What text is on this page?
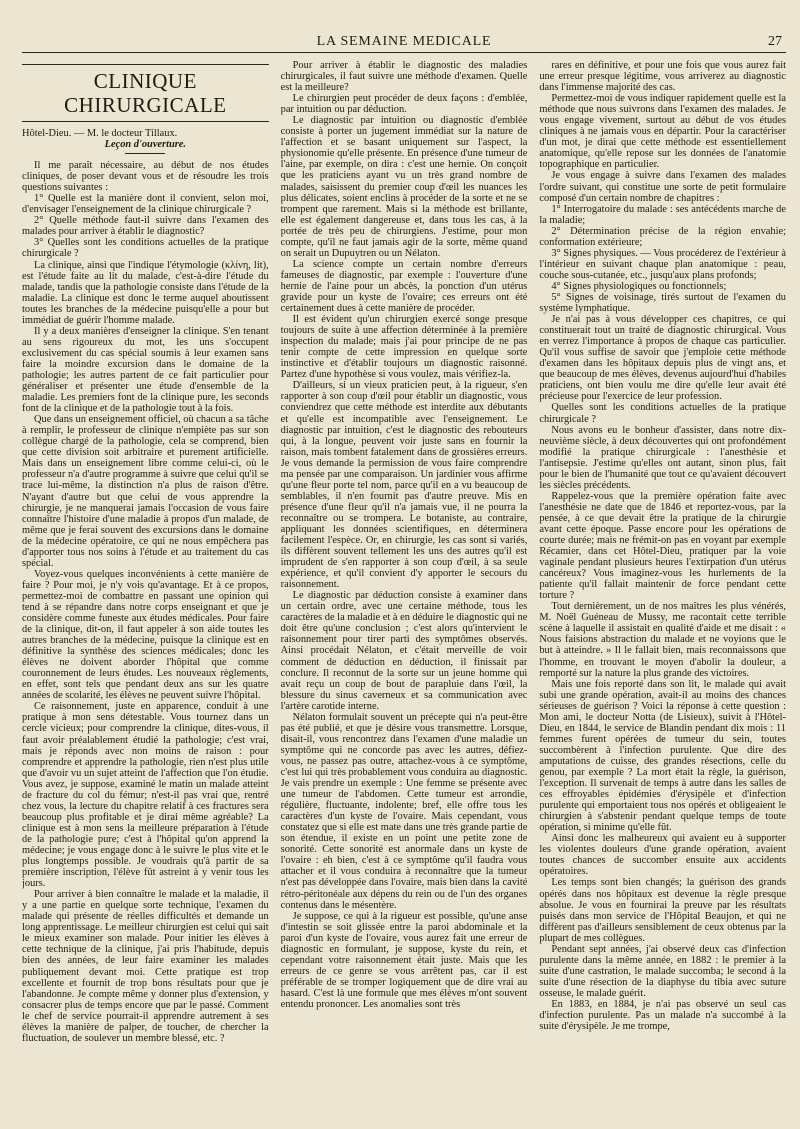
LA SEMAINE MEDICALE	27
CLINIQUE CHIRURGICALE

Hôtel-Dieu. — M. le docteur Tillaux.

Leçon d'ouverture.

Il me paraît nécessaire, au début de nos études cliniques, de poser devant vous et de résoudre les trois questions suivantes :

1° Quelle est la manière dont il convient, selon moi, d'envisager l'enseignement de la clinique chirurgicale ?

2° Quelle méthode faut-il suivre dans l'examen des malades pour arriver à établir le diagnostic?

3° Quelles sont les conditions actuelles de la pratique chirurgicale ?

La clinique, ainsi que l'indique l'étymologie (κλίνη, lit), est l'étude faite au lit du malade, c'est-à-dire l'étude du malade, tandis que la pathologie consiste dans l'étude de la maladie. La clinique est donc le terme auquel aboutissent toutes les branches de la médecine puisqu'elle a pour but immédiat de guérir l'homme malade.

Il y a deux manières d'enseigner la clinique. S'en tenant au sens rigoureux du mot, les uns s'occupent exclusivement du cas spécial soumis à leur examen sans faire la moindre excursion dans le domaine de la pathologie; les autres partent de ce fait particulier pour généraliser et présenter une étude d'ensemble de la maladie. Les premiers font de la clinique pure, les seconds font de la clinique et de la pathologie tout à la fois.

Que dans un enseignement officiel, où chacun a sa tâche à remplir, le professeur de clinique n'empiète pas sur son collègue chargé de la pathologie, cela se comprend, bien que cette division soit arbitraire et purement artificielle. Mais dans un enseignement libre comme celui-ci, où le professeur n'a d'autre programme à suivre que celui qu'il se trace lui-même, la distinction n'a plus de raison d'être. N'ayant d'autre but que celui de vous apprendre la chirurgie, je ne manquerai jamais l'occasion de vous faire connaître l'histoire d'une maladie à propos d'un malade, de même que je ferai souvent des excursions dans le domaine de la médecine opératoire, ce qui ne nous empêchera pas d'apporter tous nos soins à l'étude et au traitement du cas spécial.

Voyez-vous quelques inconvénients à cette manière de faire ? Pour moi, je n'y vois qu'avantage. Et à ce propos, permettez-moi de combattre en passant une opinion qui tend à se répandre dans notre corps enseignant et que je considère comme funeste aux études médicales. Pour faire de la clinique, dit-on, il faut appeler à son aide toutes les autres branches de la médecine, puisque la clinique est en définitive la synthèse des sciences médicales; donc les élèves ne doivent aborder l'hôpital que comme couronnement de leurs études. Les nouveaux règlements, en effet, sont tels que pendant deux ans sur les quatre années de scolarité, les élèves ne peuvent suivre l'hôpital.

Ce raisonnement, juste en apparence, conduit à une pratique à mon sens détestable. Vous tournez dans un cercle vicieux; pour comprendre la clinique, dites-vous, il faut avoir préalablement étudié la pathologie; c'est vrai, mais je réponds avec non moins de raison : pour comprendre et apprendre la pathologie, rien n'est plus utile que d'avoir vu un sujet atteint de l'affection que l'on étudie. Vous avez, je suppose, examiné le matin un malade atteint de fracture du col du fémur; n'est-il pas vrai que, rentré chez vous, la lecture du chapitre relatif à ces fractures sera beaucoup plus profitable et je dirai même agréable? La clinique est à mon sens la meilleure préparation à l'étude de la pathologie pure; c'est à l'hôpital qu'on apprend la médecine; je vous engage donc à le suivre le plus vite et le plus longtemps possible. Je voudrais qu'à partir de sa première inscription, l'élève fût astreint à y venir tous les jours.

Pour arriver à bien connaître le malade et la maladie, il y a une partie en quelque sorte technique, l'examen du malade qui présente de réelles difficultés et demande un long apprentissage. Le meilleur chirurgien est celui qui sait le mieux examiner son malade. Pour initier les élèves à cette technique de la clinique, j'ai pris l'habitude, depuis bien des années, de leur faire examiner les malades publiquement devant moi. Cette pratique est trop excellente et fournit de trop bons résultats pour que je l'abandonne. Je compte même y donner plus d'extension, y consacrer plus de temps encore que par le passé. Comment le chef de service pourrait-il apprendre autrement à ses élèves la manière de palper, de toucher, de chercher la fluctuation, de soulever un membre blessé, etc. ?

Pour arriver à établir le diagnostic des maladies chirurgicales, il faut suivre une méthode d'examen. Quelle est la meilleure?

Le chirurgien peut procéder de deux façons : d'emblée, par intuition ou par déduction.

Le diagnostic par intuition ou diagnostic d'emblée consiste à porter un jugement immédiat sur la nature de l'affection et se basant uniquement sur l'aspect, la physionomie qu'elle présente. En présence d'une tumeur de l'aine, par exemple, on dira : c'est une hernie. On conçoit que les praticiens ayant vu un très grand nombre de malades, saisissent du premier coup d'œil les nuances les plus délicates, soient enclins à procéder de la sorte et ne se trompent que rarement. Mais si la méthode est brillante, elle est également dangereuse et, dans tous les cas, à la portée de très peu de chirurgiens. J'estime, pour mon compte, qu'il ne faut jamais agir de la sorte, même quand on serait un Dupuytren ou un Nélaton.

La science compte un certain nombre d'erreurs fameuses de diagnostic, par exemple : l'ouverture d'une hernie de l'aine pour un abcès, la ponction d'un utérus gravide pour un kyste de l'ovaire; ces erreurs ont été certainement dues à cette manière de procéder.

Il est évident qu'un chirurgien exercé songe presque toujours de suite à une affection déterminée à la première inspection du malade; mais j'ai pour principe de ne pas tenir compte de cette impression en quelque sorte instinctive et d'établir toujours un diagnostic raisonné. Partez d'une hypothèse si vous voulez, mais vérifiez-la.

D'ailleurs, si un vieux praticien peut, à la rigueur, s'en rapporter à son coup d'œil pour établir un diagnostic, vous conviendrez que cette méthode est interdite aux débutants et qu'elle est incompatible avec l'enseignement. Le diagnostic par intuition, c'est le diagnostic des rebouteurs qui, à la longue, peuvent voir juste sans en fournir la raison, mais tombent fatalement dans de grossières erreurs. Je vous demande la permission de vous faire comprendre ma pensée par une comparaison. Un jardinier vous affirme qu'une fleur porte tel nom, parce qu'il en a vu beaucoup de semblables, il n'en fournit pas d'autre preuve. Mis en présence d'une fleur qu'il n'a jamais vue, il ne pourra la reconnaître ou se trompera. Le botaniste, au contraire, appliquant les données scientifiques, en déterminera facilement l'espèce. Or, en chirurgie, les cas sont si variés, ils diffèrent souvent tellement les uns des autres qu'il est imprudent de s'en rapporter à son coup d'œil, à sa seule expérience, et qu'il convient d'y apporter le secours du raisonnement.

Le diagnostic par déduction consiste à examiner dans un certain ordre, avec une certaine méthode, tous les caractères de la maladie et à en déduire le diagnostic qui ne doit être qu'une conclusion ; c'est alors qu'intervient le raisonnement pour tirer parti des symptômes observés. Ainsi procédait Nélaton, et c'était merveille de voir comment de déduction en déduction, il finissait par conclure. Il reconnut de la sorte sur un jeune homme qui avait reçu un coup de bout de parapluie dans l'œil, la blessure du sinus caverneux et sa communication avec l'artère carotide interne.

Nélaton formulait souvent un précepte qui n'a peut-être pas été publié, et que je désire vous transmettre. Lorsque, disait-il, vous rencontrez dans l'examen d'une maladie un symptôme qui ne concorde pas avec les autres, défiez-vous, ne passez pas outre, attachez-vous à ce symptôme, c'est lui qui très probablement vous conduira au diagnostic. Je vais prendre un exemple : Une femme se présente avec une tumeur de l'abdomen. Cette tumeur est arrondie, régulière, fluctuante, indolente; bref, elle offre tous les caractères d'un kyste de l'ovaire. Mais cependant, vous constatez que si elle est mate dans une très grande partie de son étendue, il existe en un point une petite zone de sonorité. Cette sonorité est anormale dans un kyste de l'ovaire : eh bien, c'est à ce symptôme qu'il faudra vous attacher et il vous conduira à reconnaître que la tumeur n'est pas développée dans l'ovaire, mais bien dans la cavité rétro-péritonéale aux dépens du rein ou de l'un des organes contenus dans le mésentère.

Je suppose, ce qui à la rigueur est possible, qu'une anse d'intestin se soit glissée entre la paroi abdominale et la paroi d'un kyste de l'ovaire, vous aurez fait une erreur de diagnostic en formulant, je suppose, kyste du rein, et cependant votre raisonnement était juste. Mais que les erreurs de ce genre se vous arrêtent pas, car il est préférable de se tromper logiquement que de dire vrai au hasard. C'est là une formule que mes élèves m'ont souvent entendu prononcer. Les anomalies sont très

rares en définitive, et pour une fois que vous aurez fait une erreur presque légitime, vous arriverez au diagnostic dans l'immense majorité des cas.

Permettez-moi de vous indiquer rapidement quelle est la méthode que nous suivrons dans l'examen des malades. Je vous engage vivement, surtout au début de vos études cliniques à ne jamais vous en départir. Pour la caractériser d'un mot, je dirai que cette méthode est essentiellement anatomique, qu'elle repose sur les données de l'anatomie topographique en particulier.

Je vous engage à suivre dans l'examen des malades l'ordre suivant, qui constitue une sorte de petit formulaire composé d'un certain nombre de chapitres :

1° Interrogatoire du malade : ses antécédents marche de la maladie;

2° Détermination précise de la région envahie; conformation extérieure;

3° Signes physiques. — Vous procéderez de l'extérieur à l'intérieur en suivant chaque plan anatomique : peau, couche sous-cutanée, etc., jusqu'aux plans profonds;

4° Signes physiologiques ou fonctionnels;

5° Signes de voisinage, tirés surtout de l'examen du système lymphatique.

Je n'ai pas à vous développer ces chapitres, ce qui constituerait tout un traité de diagnostic chirurgical. Vous en verrez l'importance à propos de chaque cas particulier. Qu'il vous suffise de savoir que j'emploie cette méthode d'examen dans les hôpitaux depuis plus de vingt ans, et que beaucoup de mes élèves, devenus aujourd'hui d'habiles praticiens, ont bien voulu me dire qu'elle leur avait été précieuse pour l'exercice de leur profession.

Quelles sont les conditions actuelles de la pratique chirurgicale ?

Nous avons eu le bonheur d'assister, dans notre dix-neuvième siècle, à deux découvertes qui ont profondément modifié la pratique chirurgicale : l'anesthésie et l'antisepsie. J'estime qu'elles ont autant, sinon plus, fait pour le bien de l'humanité que tout ce qu'avaient découvert les siècles précédents.

Rappelez-vous que la première opération faite avec l'anesthésie ne date que de 1846 et reportez-vous, par la pensée, à ce que devait être la pratique de la chirurgie avant cette époque. Passe encore pour les opérations de courte durée; mais ne frémit-on pas en voyant par exemple Récamier, dans cet Hôtel-Dieu, pratiquer par la voie vaginale pendant plusieurs heures l'extirpation d'un utérus cancéreux? Vous imaginez-vous les hurlements de la patiente qu'il fallait maintenir de force pendant cette torture ?

Tout dernièrement, un de nos maîtres les plus vénérés, M. Noël Guéneau de Mussy, me racontait cette terrible scène à laquelle il assistait en qualité d'aide et me disait : « Nous faisions abstraction du malade et ne voyions que le but à atteindre. » Il le fallait bien, mais reconnaissons que l'homme, en trouvant le moyen d'abolir la douleur, a remporté sur la nature la plus grande des victoires.

Mais une fois reporté dans son lit, le malade qui avait subi une grande opération, avait-il au moins des chances sérieuses de guérison ? Voici la réponse à cette question : Mon ami, le docteur Notta (de Lisieux), suivit à l'Hôtel-Dieu, en 1844, le service de Blandin pendant dix mois : 11 femmes furent opérées de tumeur du sein, toutes succombèrent à l'infection purulente. Que dire des amputations de cuisse, des grandes résections, celle du genou, par exemple ? La mort était la règle, la guérison, l'exception. Il survenait de temps à autre dans les salles de ces effroyables épidémies d'érysipèle et d'infection purulente qui emportaient tous nos opérés et obligeaient le chirurgien à s'abstenir pendant quelque temps de toute opération, si minime qu'elle fût.

Ainsi donc les malheureux qui avaient eu à supporter les violentes douleurs d'une grande opération, avaient toutes chances de succomber ensuite aux accidents opératoires.

Les temps sont bien changés; la guérison des grands opérés dans nos hôpitaux est devenue la règle presque absolue. Je vous en fournirai la preuve par les résultats puisés dans mon service de l'Hôpital Beaujon, et qui ne diffèrent pas d'ailleurs sensiblement de ceux obtenus par la plupart de mes collègues.

Pendant sept années, j'ai observé deux cas d'infection purulente dans la même année, en 1882 : le premier à la suite d'une castration, le malade succomba; le second à la suite d'une résection de la diaphyse du tibia avec suture osseuse, le malade guérit.

En 1883, en 1884, je n'ai pas observé un seul cas d'infection purulente. Pas un malade n'a succombé à la suite d'érysipèle. Je me trompe,
